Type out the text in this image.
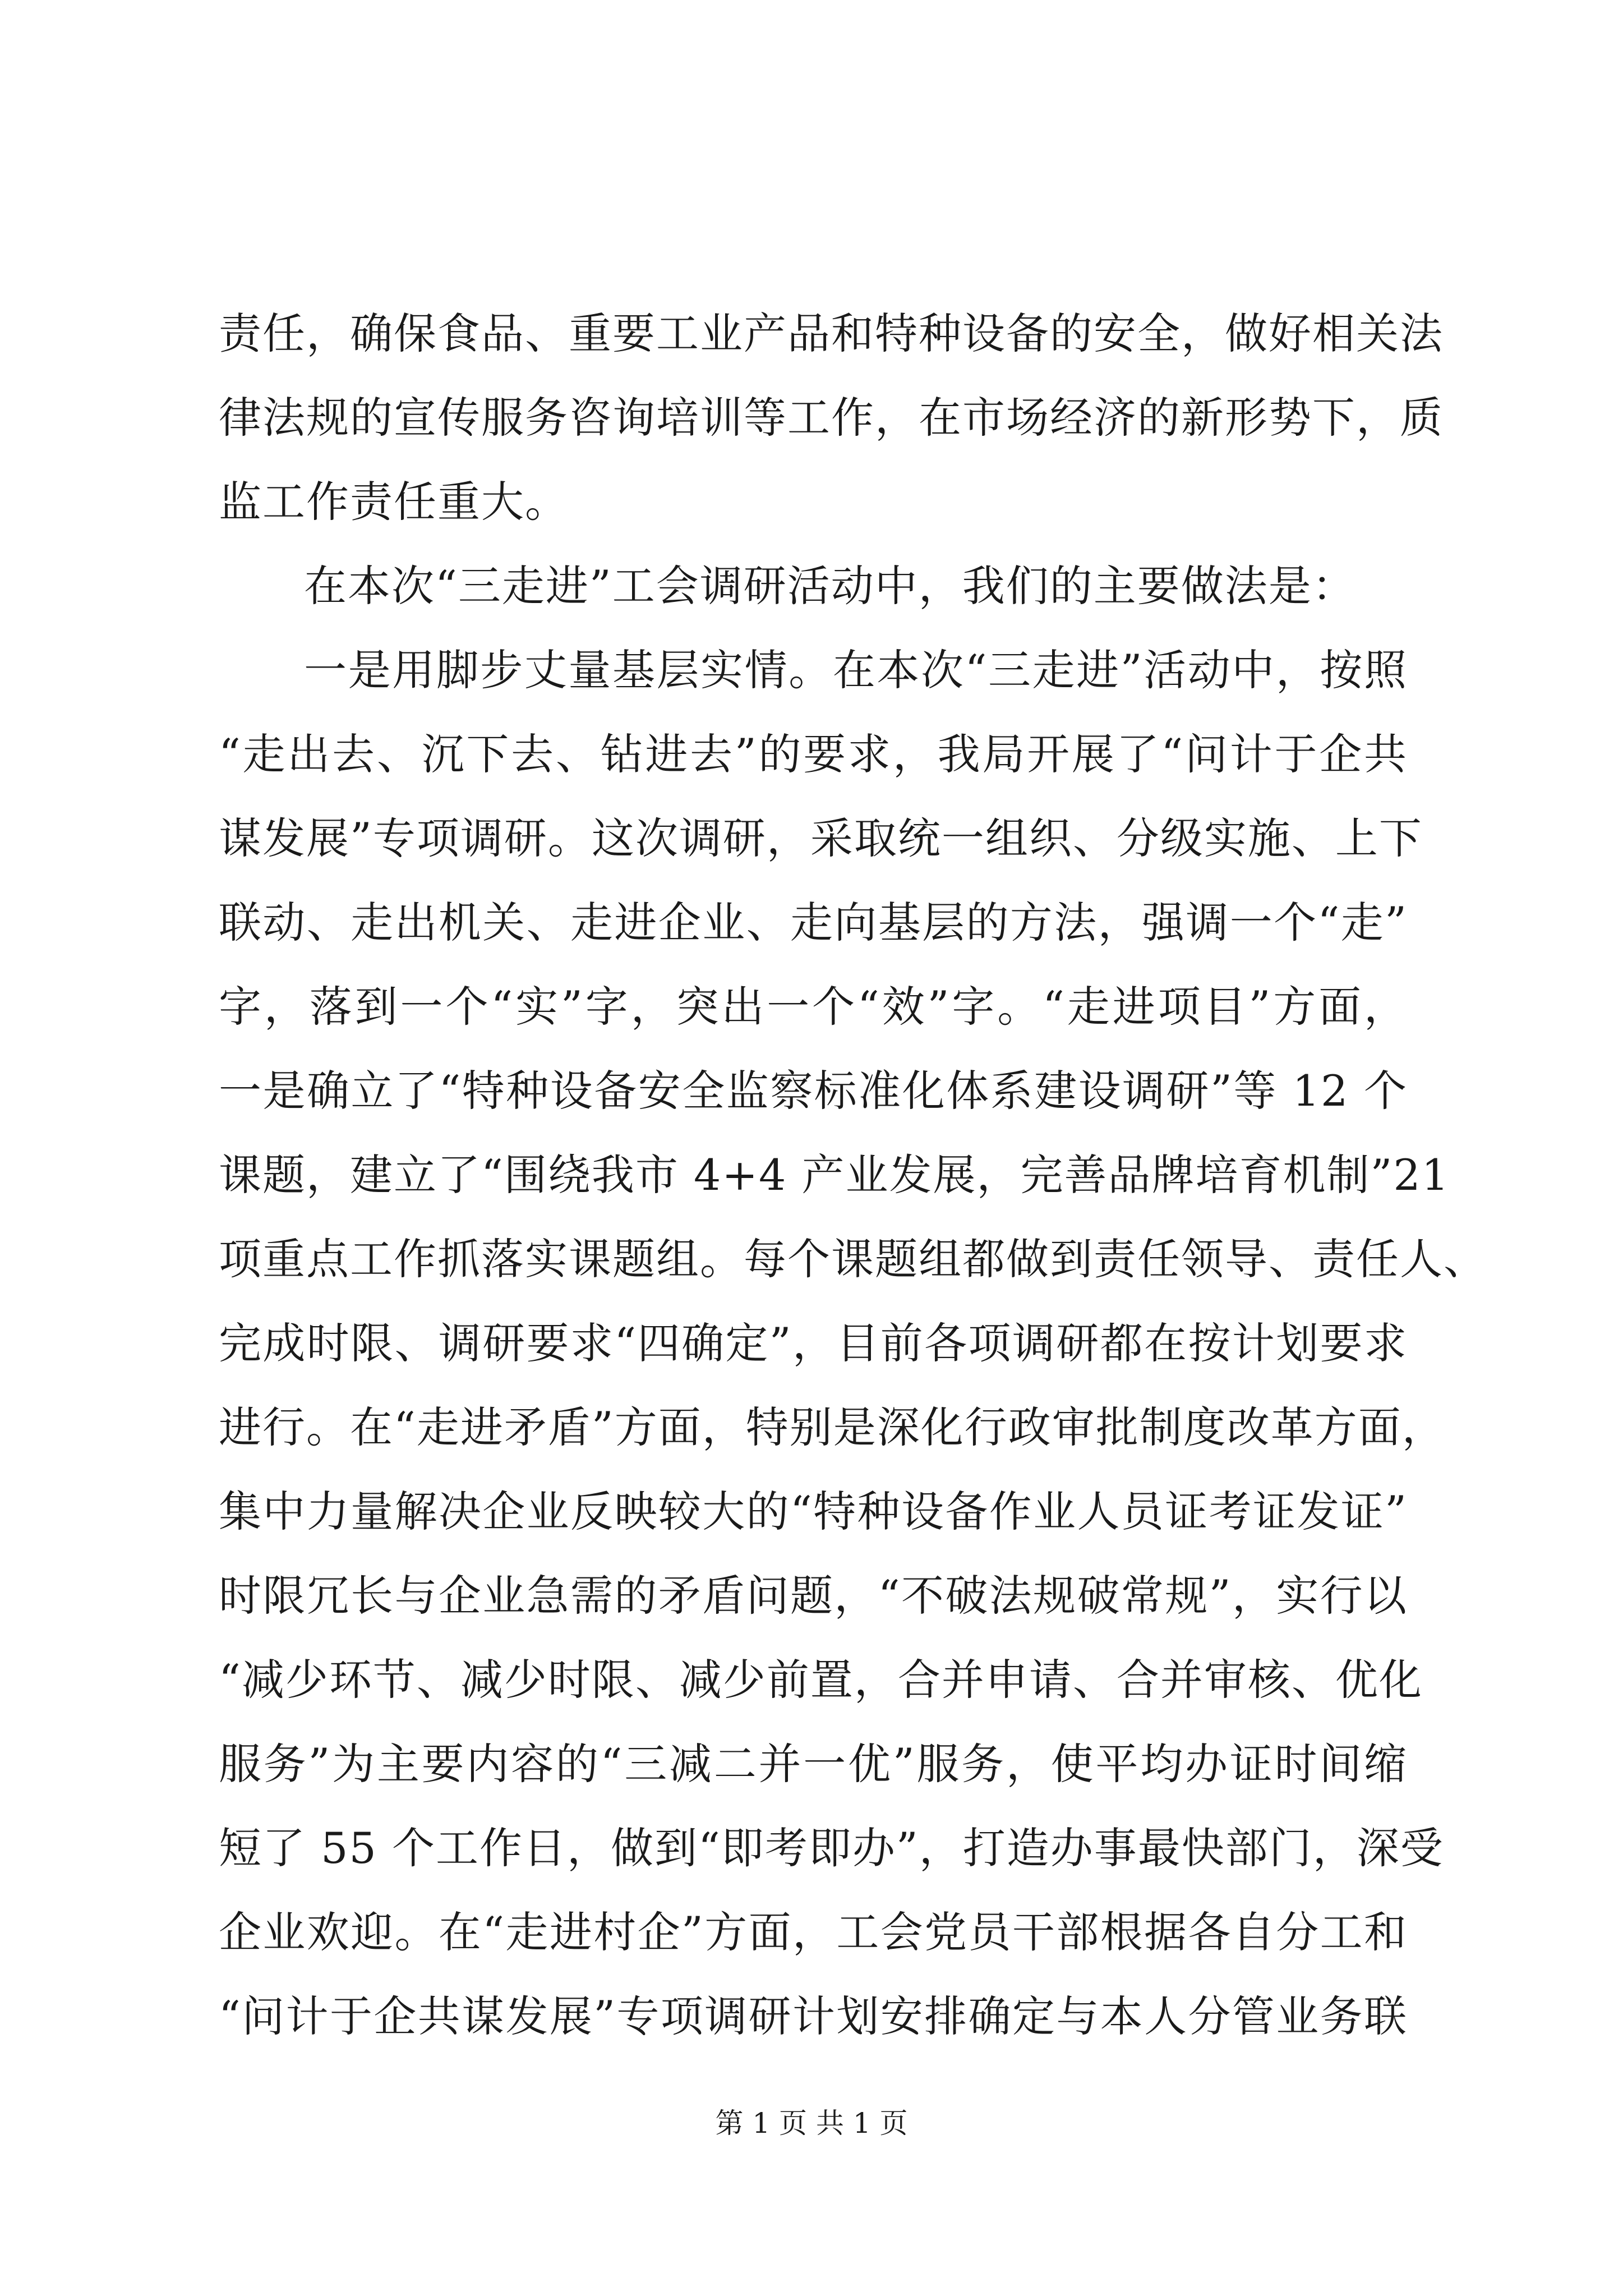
责任，确保食品、重要工业产品和特种设备的安全，做好相关法
律法规的宣传服务咨询培训等工作，在市场经济的新形势下，质
监工作责任重大。
在本次“三走进”工会调研活动中，我们的主要做法是：
一是用脚步丈量基层实情。在本次“三走进”活动中，按照
“走出去、沉下去、钻进去”的要求，我局开展了“问计于企共
谋发展”专项调研。这次调研，采取统一组织、分级实施、上下
联动、走出机关、走进企业、走向基层的方法，强调一个“走”
字，落到一个“实”字，突出一个“效”字。“走进项目”方面，
一是确立了“特种设备安全监察标准化体系建设调研”等 12 个
课题，建立了“围绕我市 4+4 产业发展，完善品牌培育机制”21
项重点工作抓落实课题组。每个课题组都做到责任领导、责任人、
完成时限、调研要求“四确定”，目前各项调研都在按计划要求
进行。在“走进矛盾”方面，特别是深化行政审批制度改革方面，
集中力量解决企业反映较大的“特种设备作业人员证考证发证”
时限冗长与企业急需的矛盾问题，“不破法规破常规”，实行以
“减少环节、减少时限、减少前置，合并申请、合并审核、优化
服务”为主要内容的“三减二并一优”服务，使平均办证时间缩
短了 55 个工作日，做到“即考即办”，打造办事最快部门，深受
企业欢迎。在“走进村企”方面，工会党员干部根据各自分工和
“问计于企共谋发展”专项调研计划安排确定与本人分管业务联
第 1 页 共 1 页
